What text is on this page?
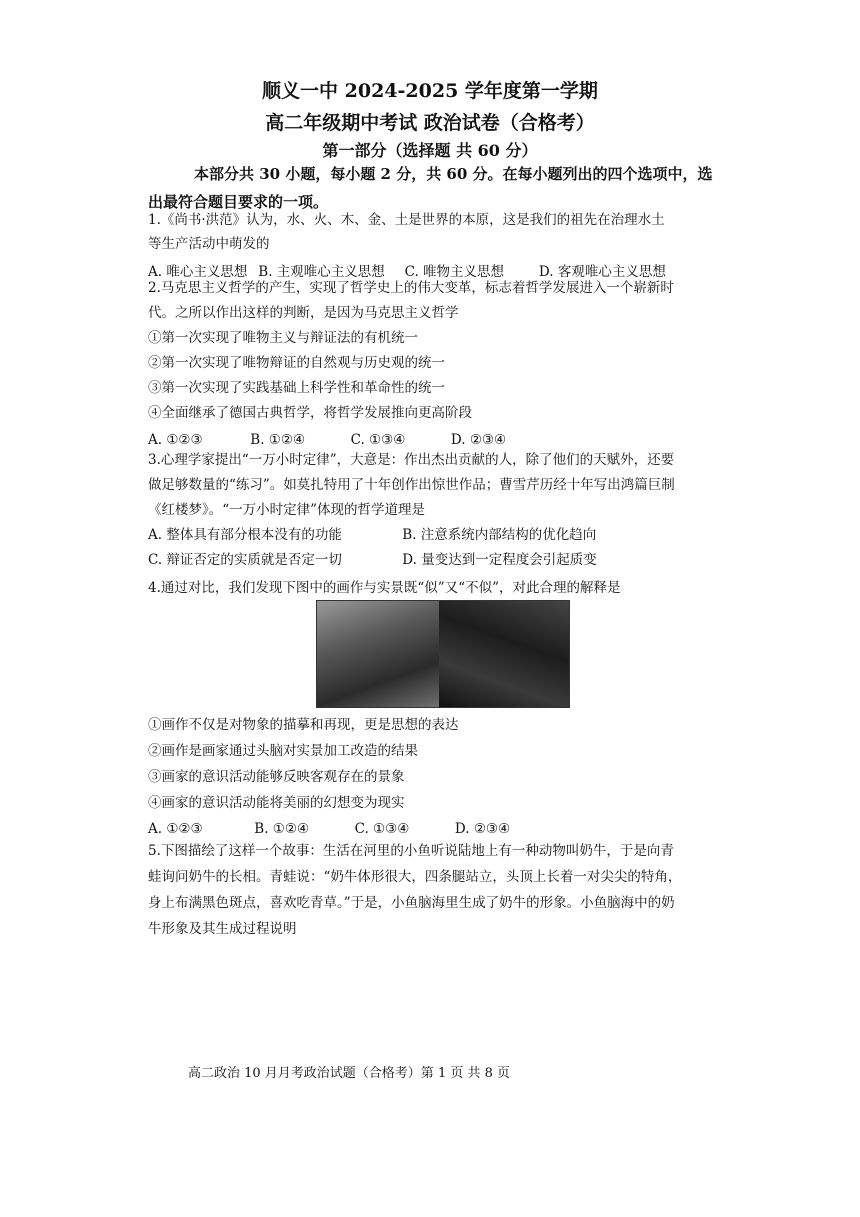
顺义一中 2024-2025 学年度第一学期
高二年级期中考试 政治试卷（合格考）
第一部分（选择题 共 60 分）
本部分共 30 小题，每小题 2 分，共 60 分。在每小题列出的四个选项中，选
出最符合题目要求的一项。
1.《尚书·洪范》认为，水、火、木、金、土是世界的本原，这是我们的祖先在治理水土
等生产活动中萌发的
A. 唯心主义思想 B. 主观唯心主义思想 C. 唯物主义思想	D. 客观唯心主义思想
2.马克思主义哲学的产生，实现了哲学史上的伟大变革，标志着哲学发展进入一个崭新时
代。之所以作出这样的判断，是因为马克思主义哲学
①第一次实现了唯物主义与辩证法的有机统一
②第一次实现了唯物辩证的自然观与历史观的统一
③第一次实现了实践基础上科学性和革命性的统一
④全面继承了德国古典哲学，将哲学发展推向更高阶段
A. ①②③	B. ①②④	C. ①③④	D. ②③④
3.心理学家提出“一万小时定律”，大意是：作出杰出贡献的人，除了他们的天赋外，还要
做足够数量的“练习”。如莫扎特用了十年创作出惊世作品；曹雪芹历经十年写出鸿篇巨制
《红楼梦》。“一万小时定律”体现的哲学道理是
A. 整体具有部分根本没有的功能	B. 注意系统内部结构的优化趋向
C. 辩证否定的实质就是否定一切	D. 量变达到一定程度会引起质变
4.通过对比，我们发现下图中的画作与实景既“似”又“不似”，对此合理的解释是
①画作不仅是对物象的描摹和再现，更是思想的表达
②画作是画家通过头脑对实景加工改造的结果
③画家的意识活动能够反映客观存在的景象
④画家的意识活动能将美丽的幻想变为现实
A. ①②③	B. ①②④	C. ①③④	D. ②③④
5.下图描绘了这样一个故事：生活在河里的小鱼听说陆地上有一种动物叫奶牛，于是向青
蛙询问奶牛的长相。青蛙说：“奶牛体形很大，四条腿站立，头顶上长着一对尖尖的特角，
身上布满黑色斑点，喜欢吃青草。”于是，小鱼脑海里生成了奶牛的形象。小鱼脑海中的奶
牛形象及其生成过程说明
高二政治 10 月月考政治试题（合格考）第 1 页 共 8 页
